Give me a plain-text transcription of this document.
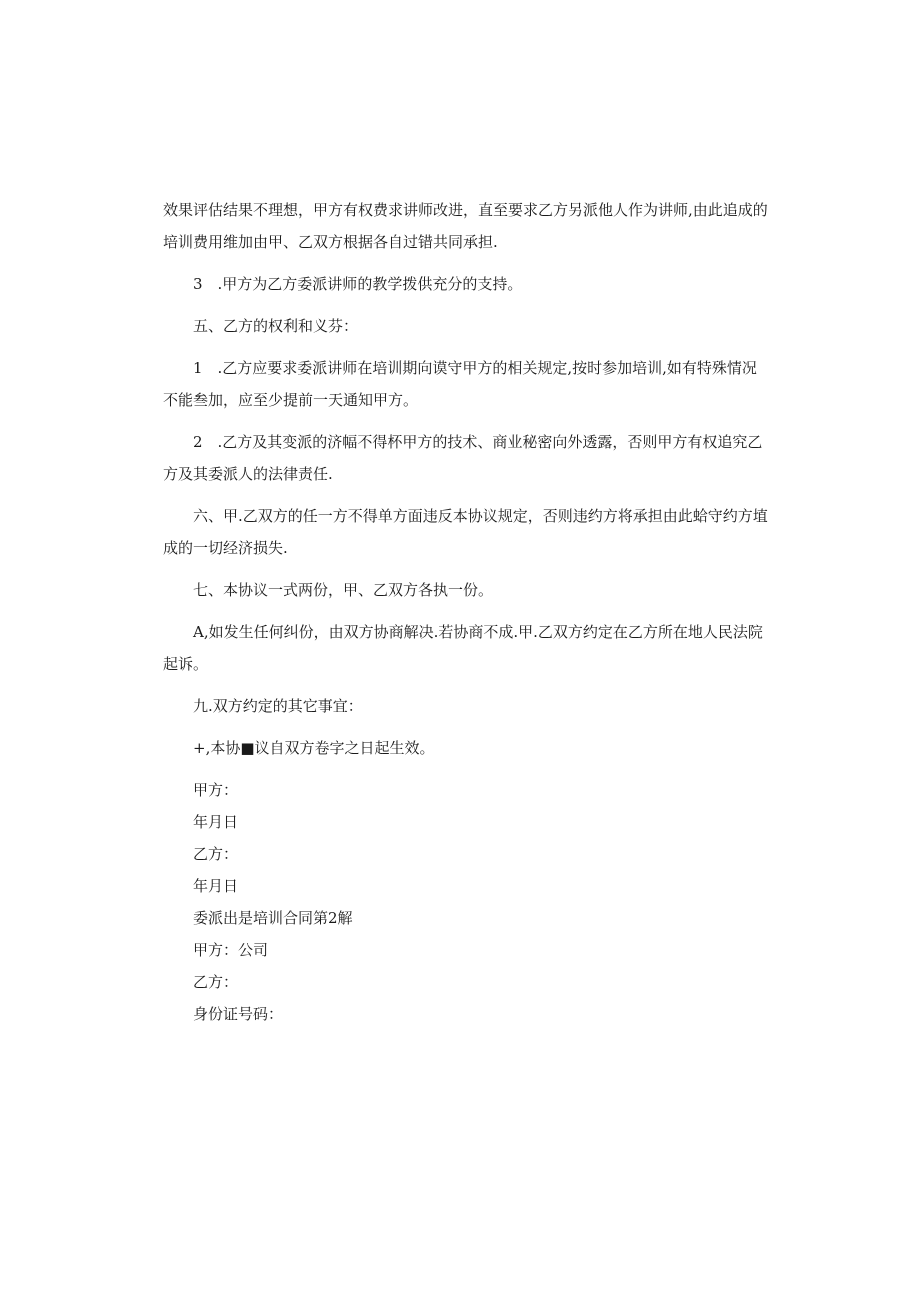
效果评估结果不理想，甲方有权费求讲师改进，直至要求乙方另派他人作为讲师,由此追成的培训费用维加由甲、乙双方根据各自过错共同承担.

3　.甲方为乙方委派讲师的教学拨供充分的支持。

五、乙方的权利和义芬：

1　.乙方应要求委派讲师在培训期向谟守甲方的相关规定,按时参加培训,如有特殊情况不能叁加，应至少提前一天通知甲方。

2　.乙方及其变派的济幅不得杯甲方的技术、商业秘密向外透露，否则甲方有权追究乙方及其委派人的法律责任.

六、甲.乙双方的任一方不得单方面违反本协议规定，否则违约方将承担由此蛤守约方埴成的一切经济损失.

七、本协议一式两份，甲、乙双方各执一份。

A,如发生任何纠份，由双方协商解决.若协商不成.甲.乙双方约定在乙方所在地人民法院起诉。

九.双方约定的其它事宜：

+,本协■议自双方卷字之日起生效。

甲方：
年月日
乙方：
年月日
委派出是培训合同第2解
甲方：公司
乙方：
身份证号码：
